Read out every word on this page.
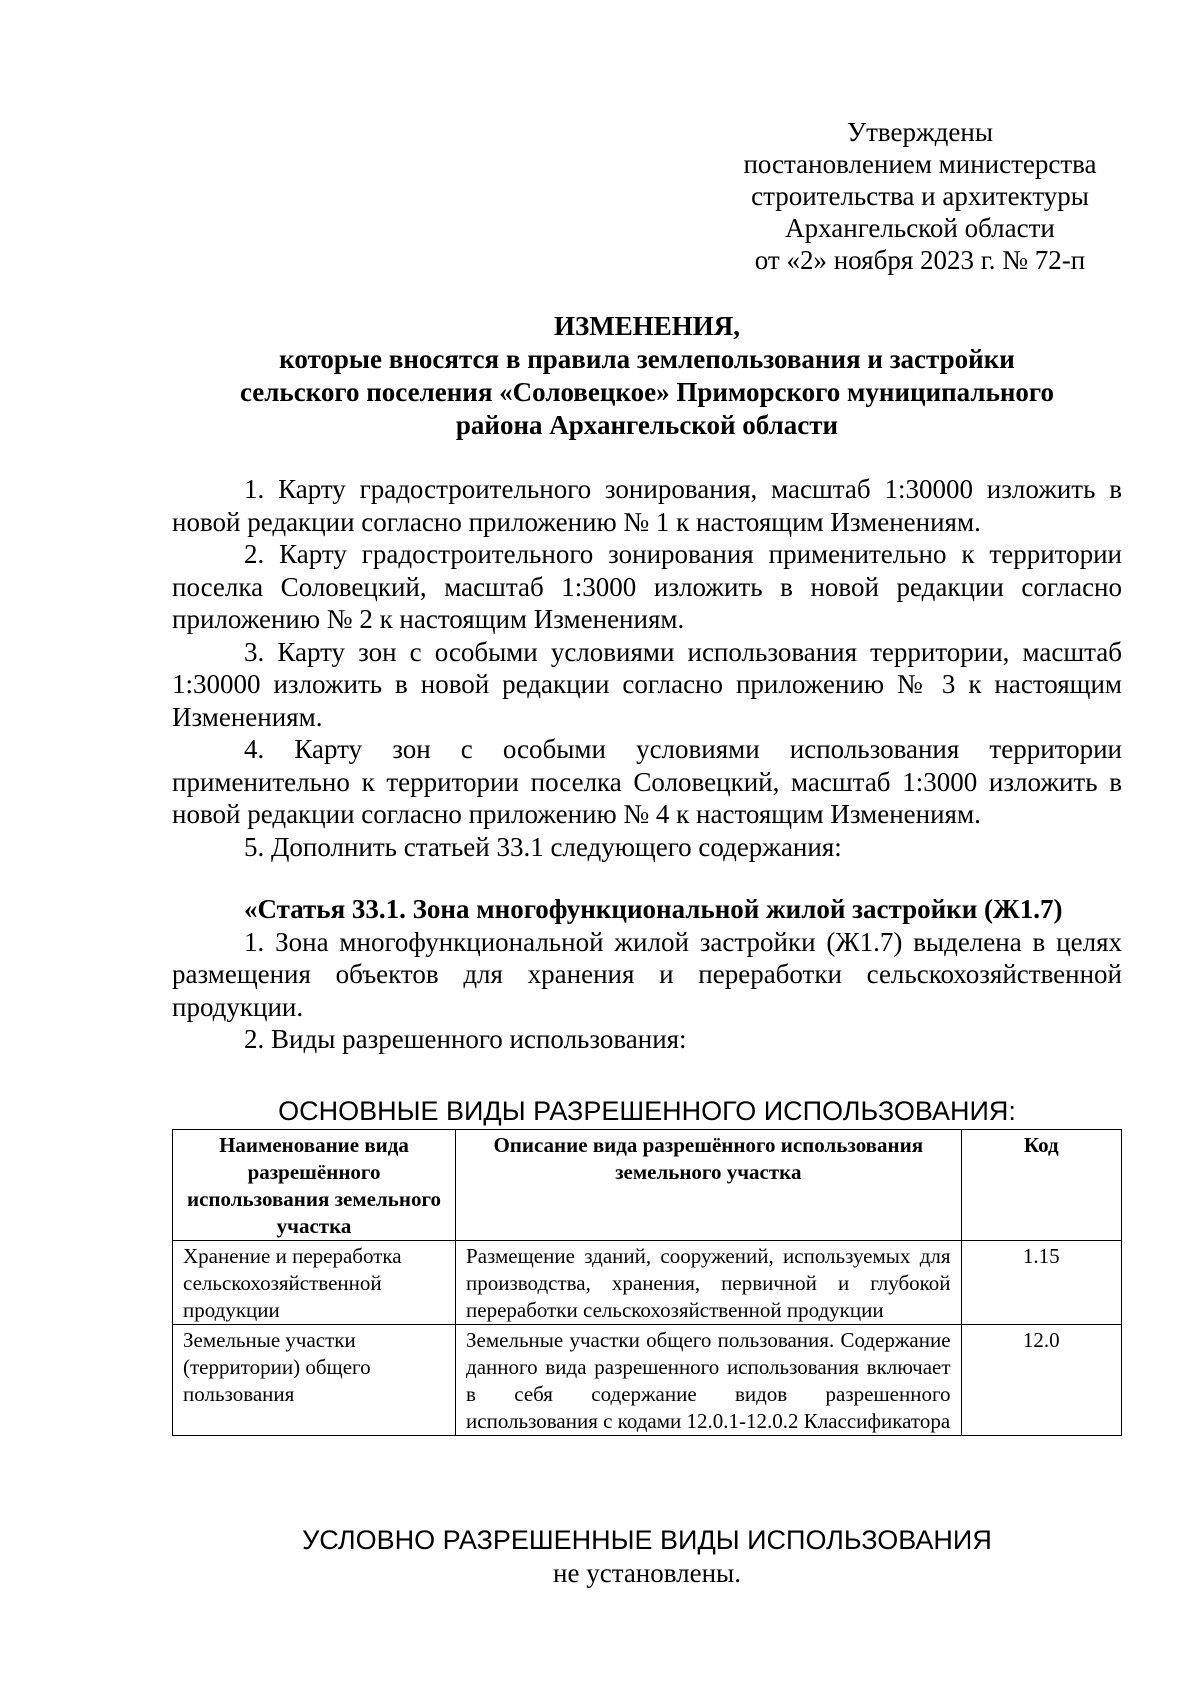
Утверждены
постановлением министерства
строительства и архитектуры
Архангельской области
от «2» ноября 2023 г. № 72-п
ИЗМЕНЕНИЯ,
которые вносятся в правила землепользования и застройки
сельского поселения «Соловецкое» Приморского муниципального
района Архангельской области

1. Карту градостроительного зонирования, масштаб 1:30000 изложить в новой редакции согласно приложению № 1 к настоящим Изменениям.

2. Карту градостроительного зонирования применительно к территории поселка Соловецкий, масштаб 1:3000 изложить в новой редакции согласно приложению № 2 к настоящим Изменениям.

3. Карту зон с особыми условиями использования территории, масштаб 1:30000 изложить в новой редакции согласно приложению № 3 к настоящим Изменениям.

4. Карту зон с особыми условиями использования территории применительно к территории поселка Соловецкий, масштаб 1:3000 изложить в новой редакции согласно приложению № 4 к настоящим Изменениям.

5. Дополнить статьей 33.1 следующего содержания:

«Статья 33.1. Зона многофункциональной жилой застройки (Ж1.7)

1. Зона многофункциональной жилой застройки (Ж1.7) выделена в целях размещения объектов для хранения и переработки сельскохозяйственной продукции.

2. Виды разрешенного использования:

ОСНОВНЫЕ ВИДЫ РАЗРЕШЕННОГО ИСПОЛЬЗОВАНИЯ:
Наименование вида разрешённого использования земельного участка	Описание вида разрешённого использования земельного участка	Код
Хранение и переработка сельскохозяйственной продукции	Размещение зданий, сооружений, используемых для производства, хранения, первичной и глубокой переработки сельскохозяйственной продукции	1.15
Земельные участки (территории) общего пользования	Земельные участки общего пользования. Содержание данного вида разрешенного использования включает в себя содержание видов разрешенного использования с кодами 12.0.1-12.0.2 Классификатора	12.0
УСЛОВНО РАЗРЕШЕННЫЕ ВИДЫ ИСПОЛЬЗОВАНИЯ
не установлены.
